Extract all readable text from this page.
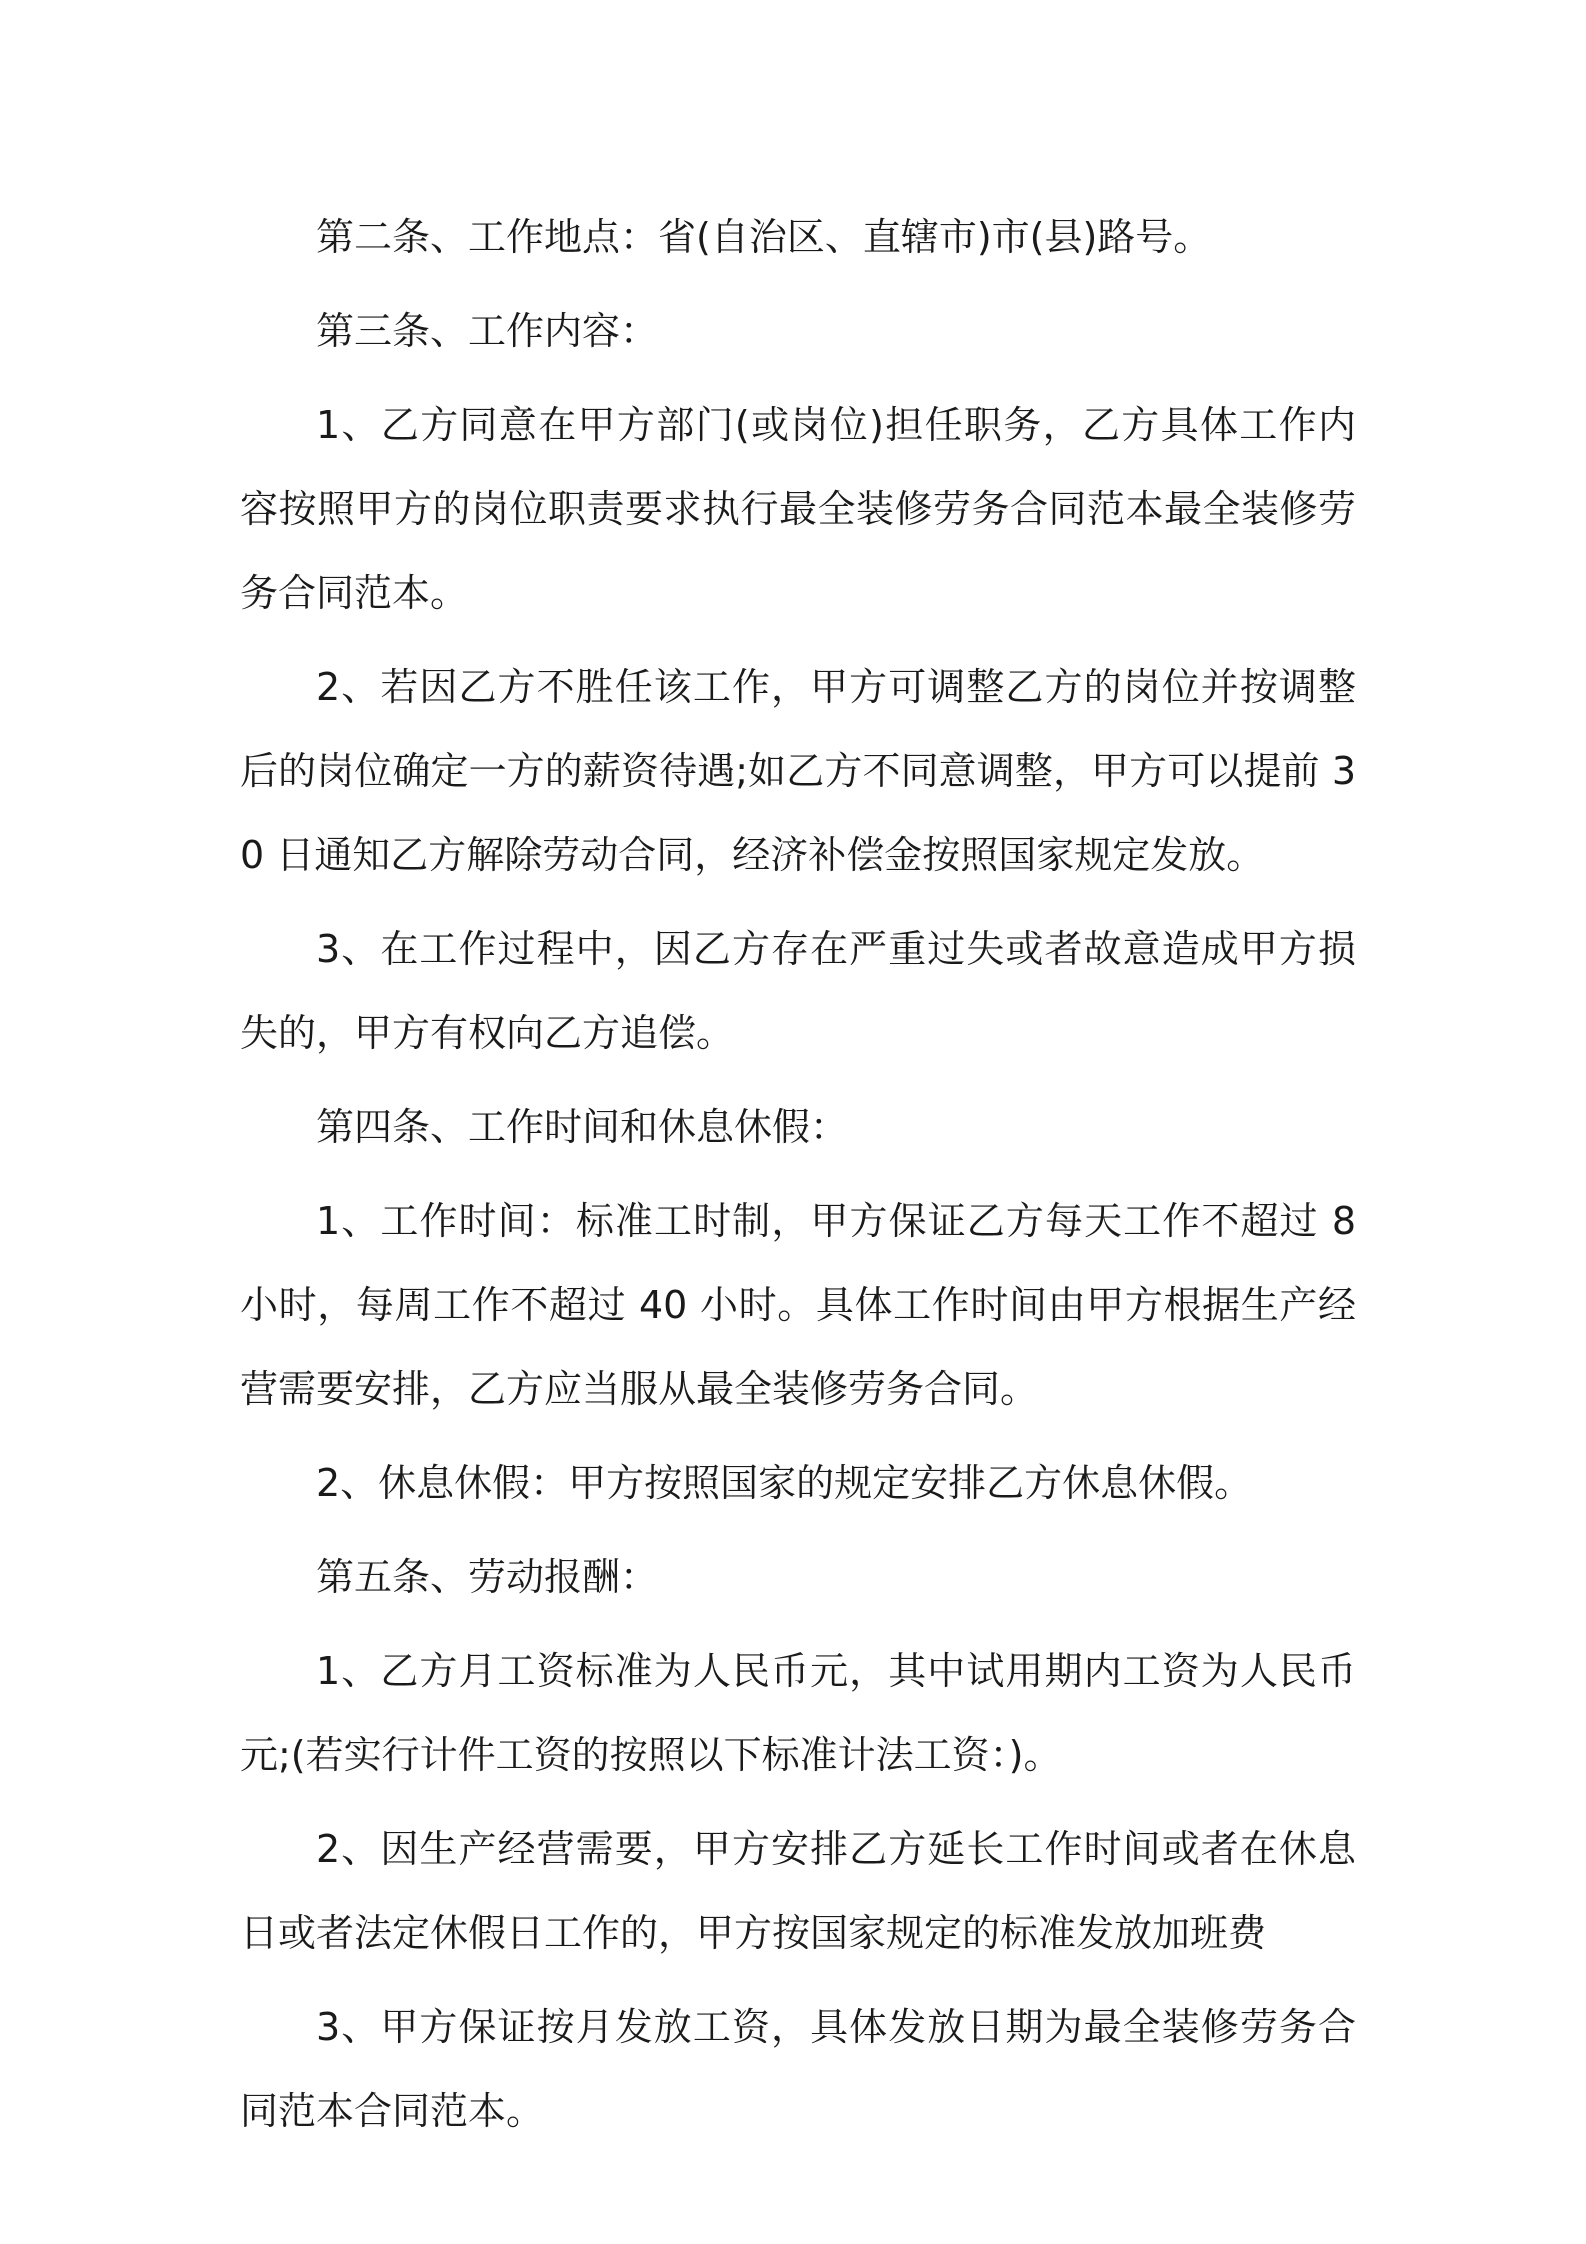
第二条、工作地点：省(自治区、直辖市)市(县)路号。

第三条、工作内容：

1、乙方同意在甲方部门(或岗位)担任职务，乙方具体工作内容按照甲方的岗位职责要求执行最全装修劳务合同范本最全装修劳务合同范本。

2、若因乙方不胜任该工作，甲方可调整乙方的岗位并按调整后的岗位确定一方的薪资待遇;如乙方不同意调整，甲方可以提前 30 日通知乙方解除劳动合同，经济补偿金按照国家规定发放。

3、在工作过程中，因乙方存在严重过失或者故意造成甲方损失的，甲方有权向乙方追偿。

第四条、工作时间和休息休假：

1、工作时间：标准工时制，甲方保证乙方每天工作不超过 8 小时，每周工作不超过 40 小时。具体工作时间由甲方根据生产经营需要安排，乙方应当服从最全装修劳务合同。

2、休息休假：甲方按照国家的规定安排乙方休息休假。

第五条、劳动报酬：

1、乙方月工资标准为人民币元，其中试用期内工资为人民币元;(若实行计件工资的按照以下标准计法工资：)。

2、因生产经营需要，甲方安排乙方延长工作时间或者在休息日或者法定休假日工作的，甲方按国家规定的标准发放加班费

3、甲方保证按月发放工资，具体发放日期为最全装修劳务合同范本合同范本。
